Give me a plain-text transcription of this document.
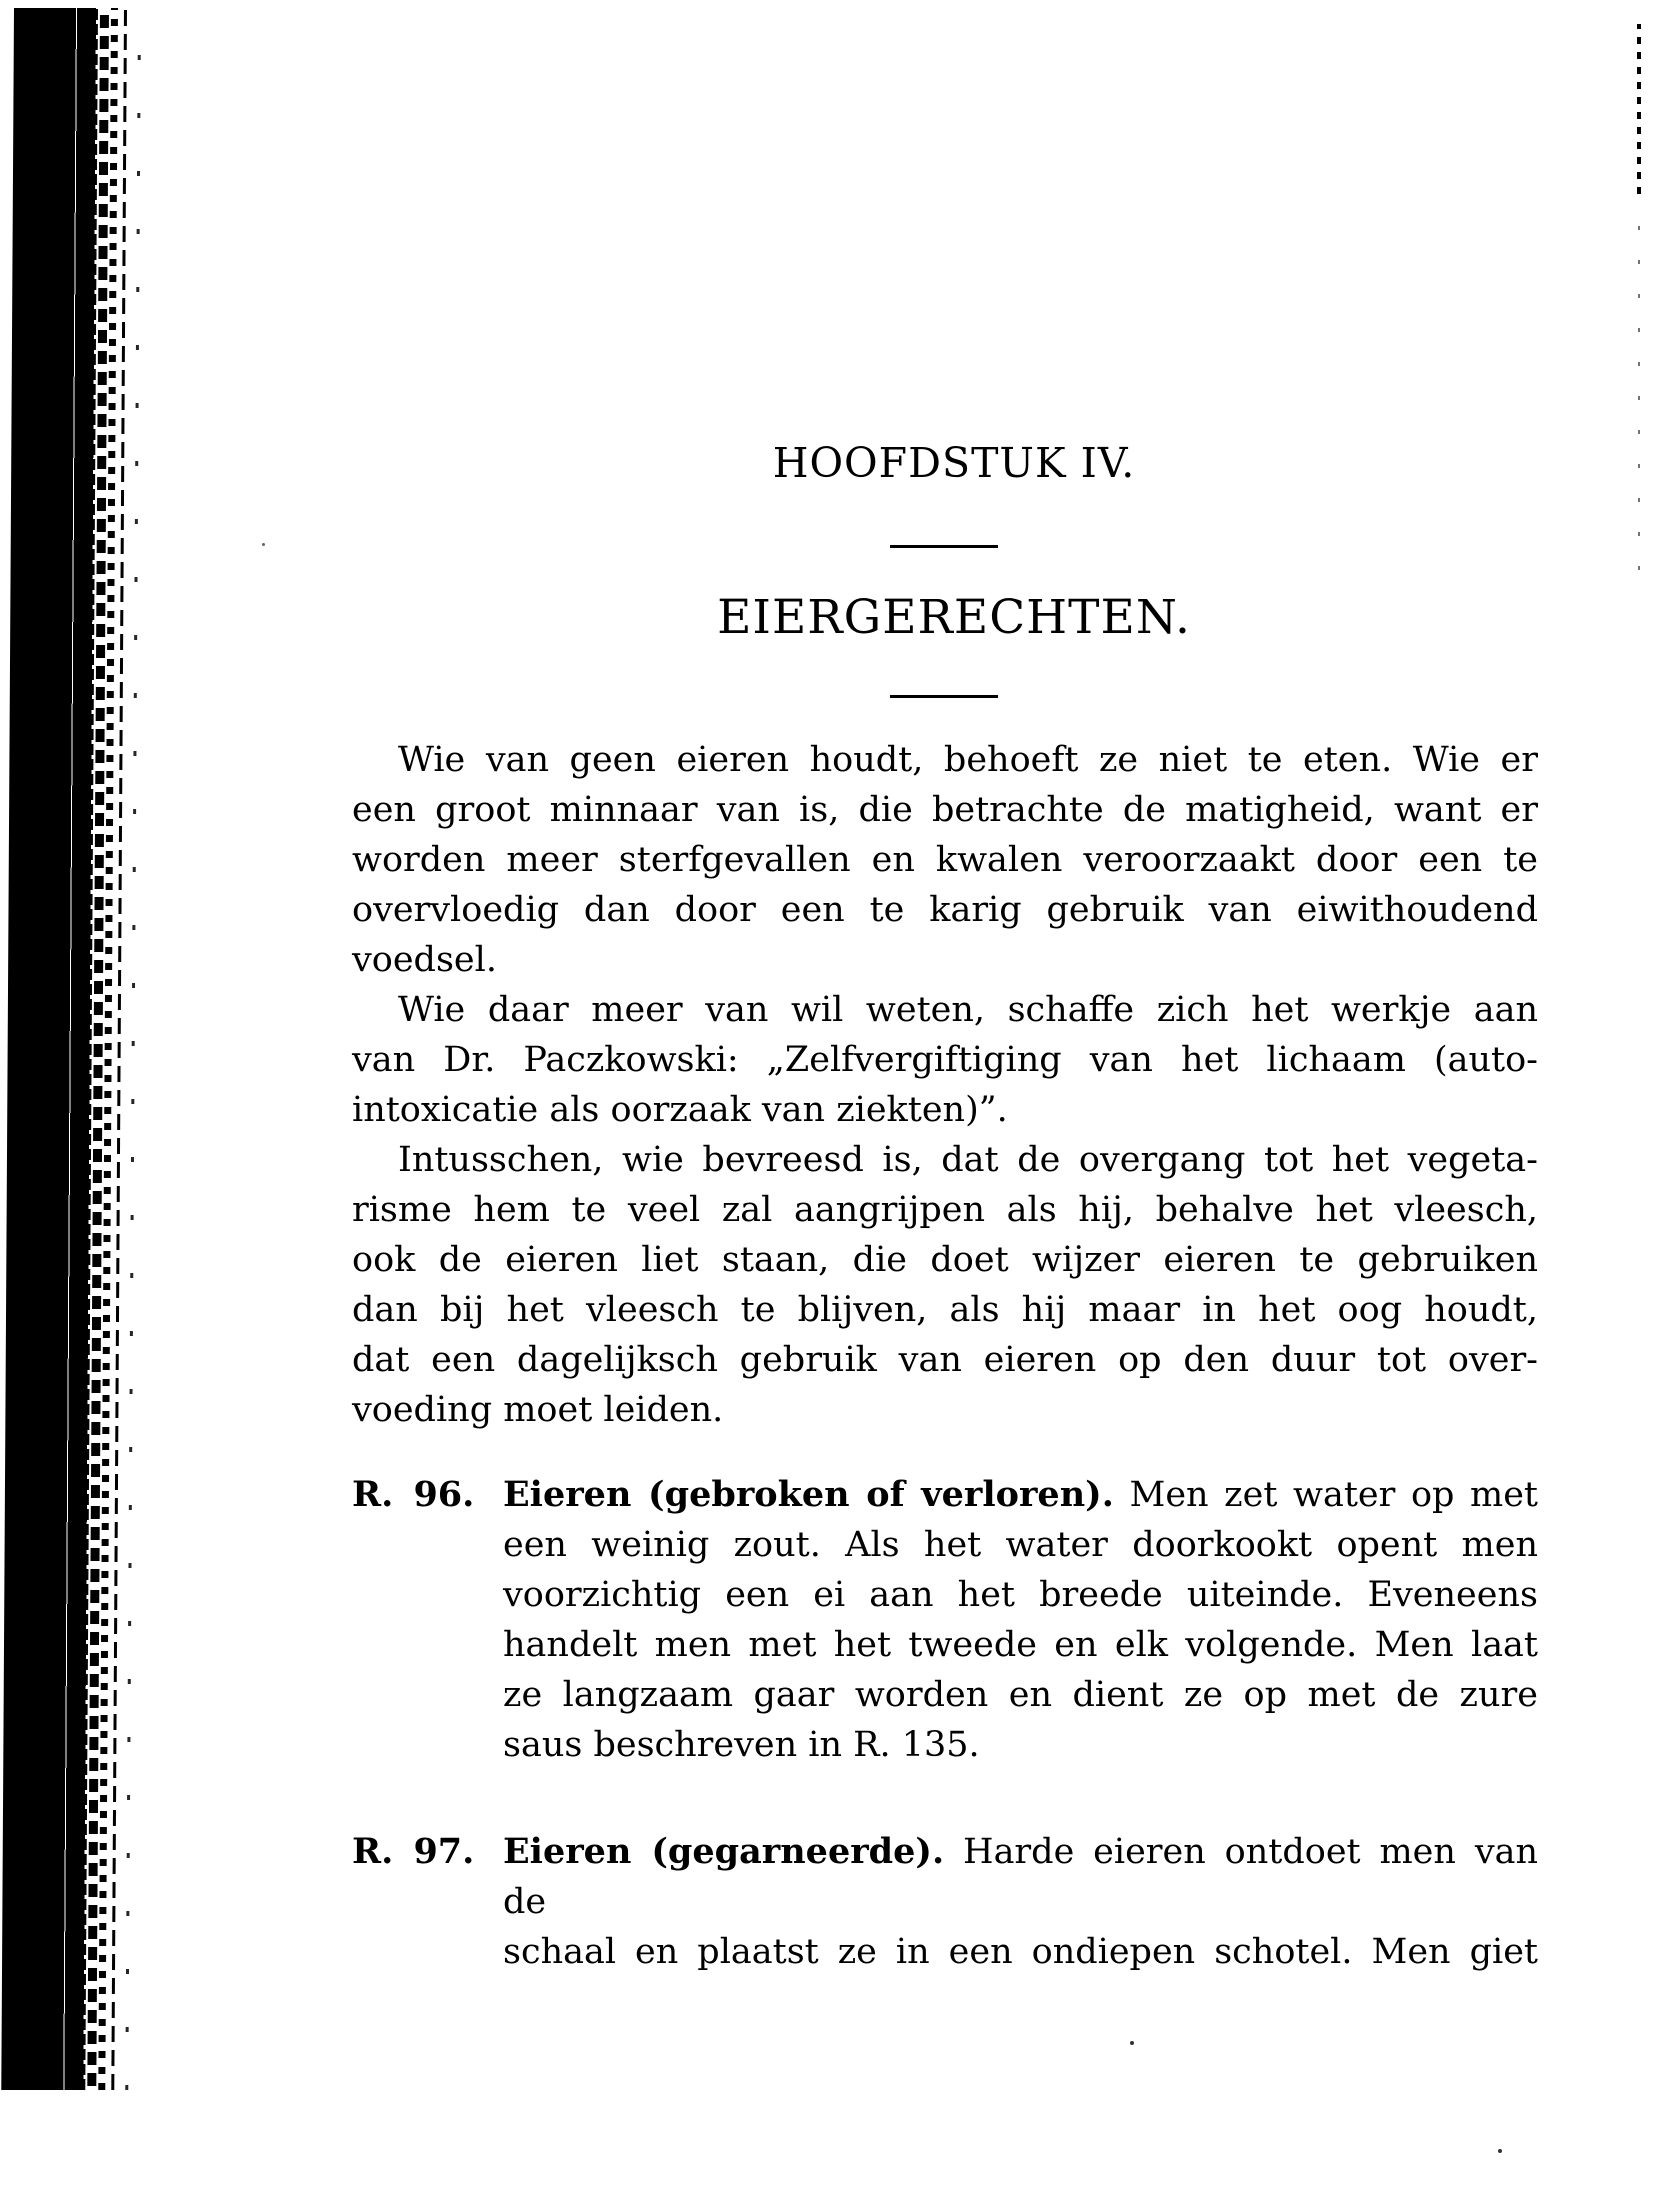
HOOFDSTUK IV.
EIERGERECHTEN.
Wie van geen eieren houdt, behoeft ze niet te eten. Wie er
een groot minnaar van is, die betrachte de matigheid, want er
worden meer sterfgevallen en kwalen veroorzaakt door een te
overvloedig dan door een te karig gebruik van eiwithoudend
voedsel.
Wie daar meer van wil weten, schaffe zich het werkje aan
van Dr. Paczkowski: „Zelfvergiftiging van het lichaam (auto-
intoxicatie als oorzaak van ziekten)”.
Intusschen, wie bevreesd is, dat de overgang tot het vegeta-
risme hem te veel zal aangrijpen als hij, behalve het vleesch,
ook de eieren liet staan, die doet wijzer eieren te gebruiken
dan bij het vleesch te blijven, als hij maar in het oog houdt,
dat een dagelijksch gebruik van eieren op den duur tot over-
voeding moet leiden.
R. 96. Eieren (gebroken of verloren). Men zet water op met
een weinig zout. Als het water doorkookt opent men
voorzichtig een ei aan het breede uiteinde. Eveneens
handelt men met het tweede en elk volgende. Men laat
ze langzaam gaar worden en dient ze op met de zure
saus beschreven in R. 135.
R. 97. Eieren (gegarneerde). Harde eieren ontdoet men van de
schaal en plaatst ze in een ondiepen schotel. Men giet
